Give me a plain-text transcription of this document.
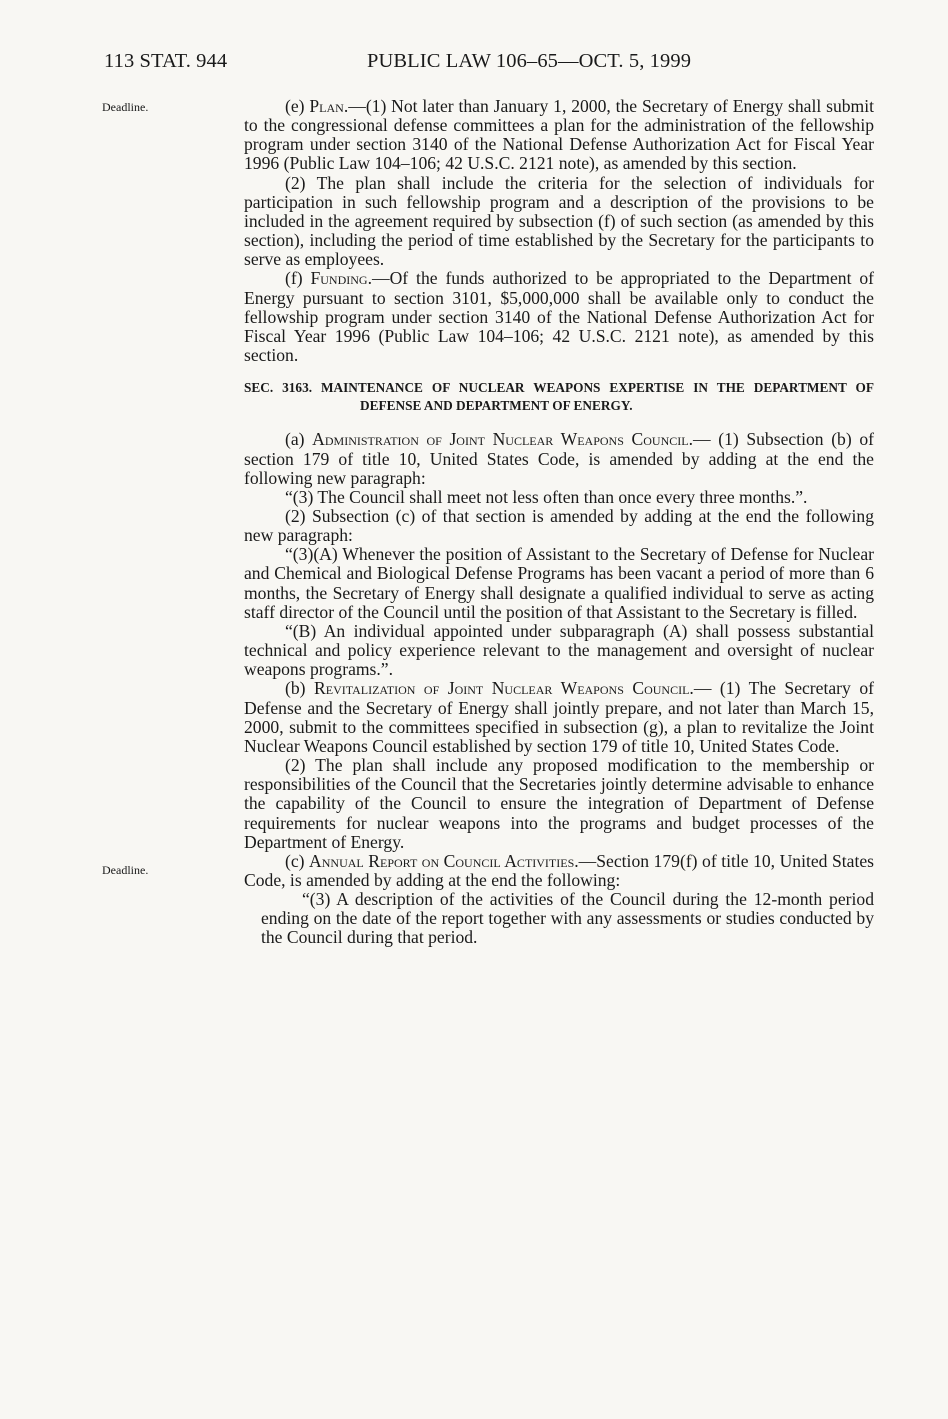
113 STAT. 944	PUBLIC LAW 106–65—OCT. 5, 1999
Deadline.
Deadline.

(e) Plan.—(1) Not later than January 1, 2000, the Secretary of Energy shall submit to the congressional defense committees a plan for the administration of the fellowship program under section 3140 of the National Defense Authorization Act for Fiscal Year 1996 (Public Law 104–106; 42 U.S.C. 2121 note), as amended by this section.

(2) The plan shall include the criteria for the selection of individuals for participation in such fellowship program and a description of the provisions to be included in the agreement required by subsection (f) of such section (as amended by this section), including the period of time established by the Secretary for the participants to serve as employees.

(f) Funding.—Of the funds authorized to be appropriated to the Department of Energy pursuant to section 3101, $5,000,000 shall be available only to conduct the fellowship program under section 3140 of the National Defense Authorization Act for Fiscal Year 1996 (Public Law 104–106; 42 U.S.C. 2121 note), as amended by this section.

SEC. 3163. MAINTENANCE OF NUCLEAR WEAPONS EXPERTISE IN THE DEPARTMENT OF DEFENSE AND DEPARTMENT OF ENERGY.

(a) Administration of Joint Nuclear Weapons Council.— (1) Subsection (b) of section 179 of title 10, United States Code, is amended by adding at the end the following new paragraph:

“(3) The Council shall meet not less often than once every three months.”.

(2) Subsection (c) of that section is amended by adding at the end the following new paragraph:

“(3)(A) Whenever the position of Assistant to the Secretary of Defense for Nuclear and Chemical and Biological Defense Programs has been vacant a period of more than 6 months, the Secretary of Energy shall designate a qualified individual to serve as acting staff director of the Council until the position of that Assistant to the Secretary is filled.

“(B) An individual appointed under subparagraph (A) shall possess substantial technical and policy experience relevant to the management and oversight of nuclear weapons programs.”.

(b) Revitalization of Joint Nuclear Weapons Council.— (1) The Secretary of Defense and the Secretary of Energy shall jointly prepare, and not later than March 15, 2000, submit to the committees specified in subsection (g), a plan to revitalize the Joint Nuclear Weapons Council established by section 179 of title 10, United States Code.

(2) The plan shall include any proposed modification to the membership or responsibilities of the Council that the Secretaries jointly determine advisable to enhance the capability of the Council to ensure the integration of Department of Defense requirements for nuclear weapons into the programs and budget processes of the Department of Energy.

(c) Annual Report on Council Activities.—Section 179(f) of title 10, United States Code, is amended by adding at the end the following:

“(3) A description of the activities of the Council during the 12-month period ending on the date of the report together with any assessments or studies conducted by the Council during that period.
